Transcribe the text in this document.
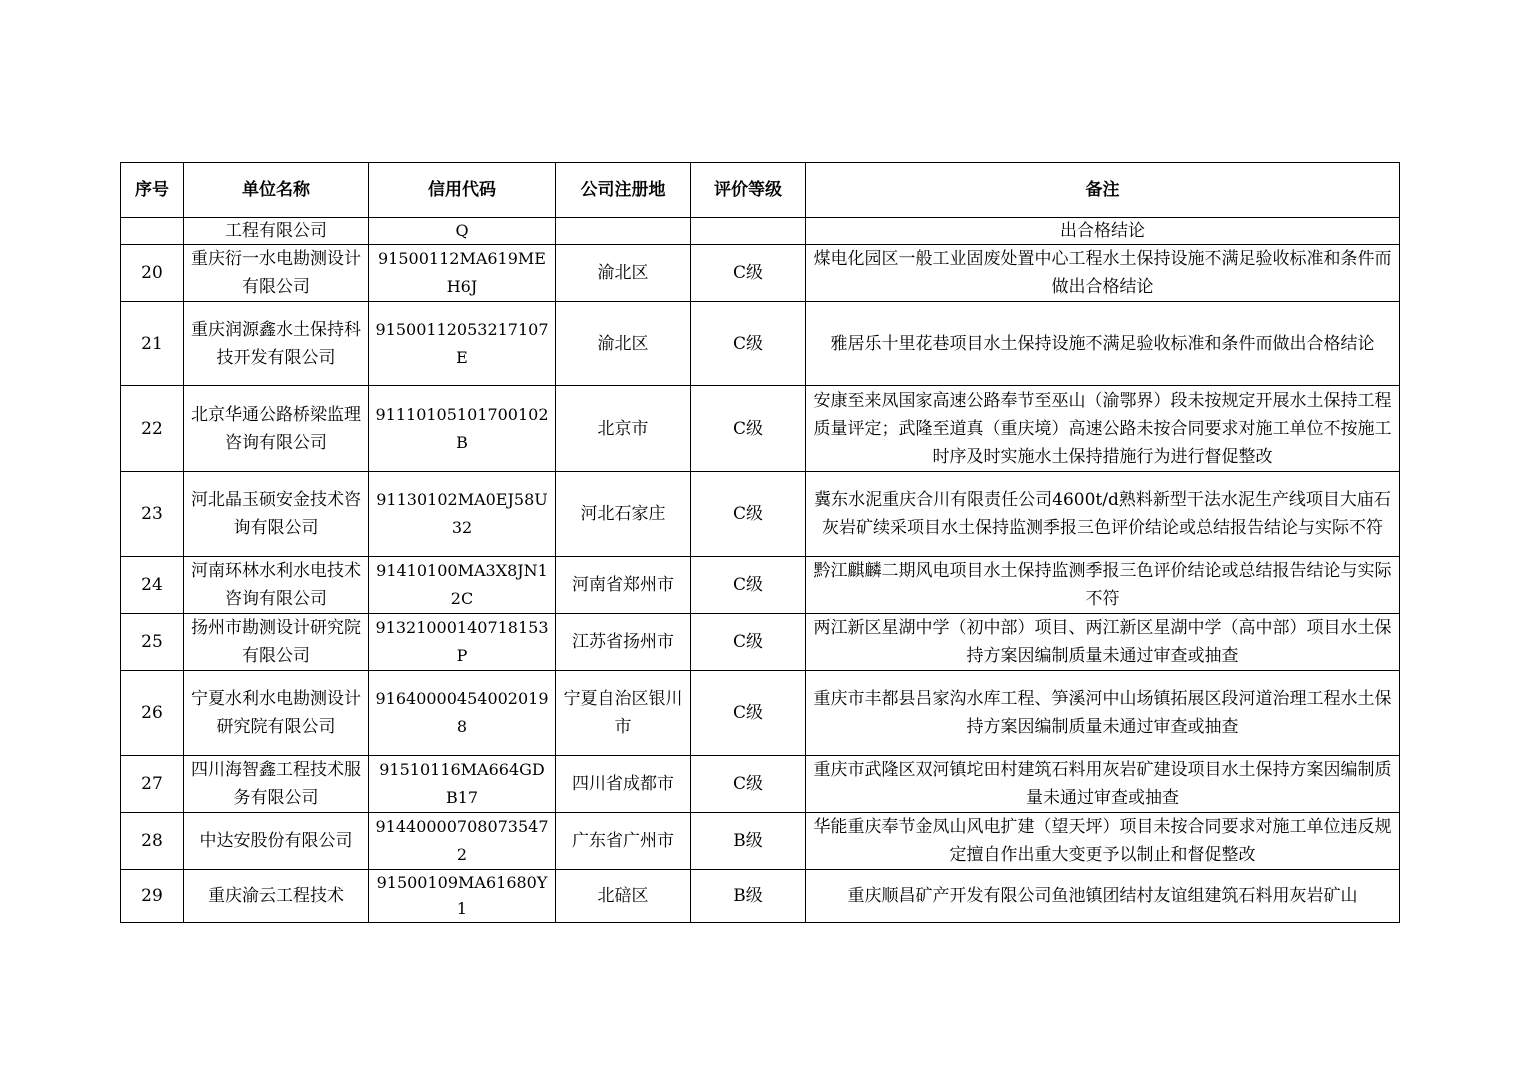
序号	单位名称	信用代码	公司注册地	评价等级	备注
	工程有限公司	Q			出合格结论
20	重庆衍一水电勘测设计有限公司	91500112MA619MEH6J	渝北区	C级	煤电化园区一般工业固废处置中心工程水土保持设施不满足验收标准和条件而做出合格结论
21	重庆润源鑫水土保持科技开发有限公司	91500112053217107E	渝北区	C级	雅居乐十里花巷项目水土保持设施不满足验收标准和条件而做出合格结论
22	北京华通公路桥梁监理咨询有限公司	91110105101700102B	北京市	C级	安康至来凤国家高速公路奉节至巫山（渝鄂界）段未按规定开展水土保持工程质量评定；武隆至道真（重庆境）高速公路未按合同要求对施工单位不按施工时序及时实施水土保持措施行为进行督促整改
23	河北晶玉硕安金技术咨询有限公司	91130102MA0EJ58U32	河北石家庄	C级	冀东水泥重庆合川有限责任公司4600t/d熟料新型干法水泥生产线项目大庙石灰岩矿续采项目水土保持监测季报三色评价结论或总结报告结论与实际不符
24	河南环林水利水电技术咨询有限公司	91410100MA3X8JN12C	河南省郑州市	C级	黔江麒麟二期风电项目水土保持监测季报三色评价结论或总结报告结论与实际不符
25	扬州市勘测设计研究院有限公司	91321000140718153P	江苏省扬州市	C级	两江新区星湖中学（初中部）项目、两江新区星湖中学（高中部）项目水土保持方案因编制质量未通过审查或抽查
26	宁夏水利水电勘测设计研究院有限公司	916400004540020198	宁夏自治区银川市	C级	重庆市丰都县吕家沟水库工程、笋溪河中山场镇拓展区段河道治理工程水土保持方案因编制质量未通过审查或抽查
27	四川海智鑫工程技术服务有限公司	91510116MA664GDB17	四川省成都市	C级	重庆市武隆区双河镇坨田村建筑石料用灰岩矿建设项目水土保持方案因编制质量未通过审查或抽查
28	中达安股份有限公司	914400007080735472	广东省广州市	B级	华能重庆奉节金凤山风电扩建（望天坪）项目未按合同要求对施工单位违反规定擅自作出重大变更予以制止和督促整改
29	重庆渝云工程技术	91500109MA61680Y1	北碚区	B级	重庆顺昌矿产开发有限公司鱼池镇团结村友谊组建筑石料用灰岩矿山
